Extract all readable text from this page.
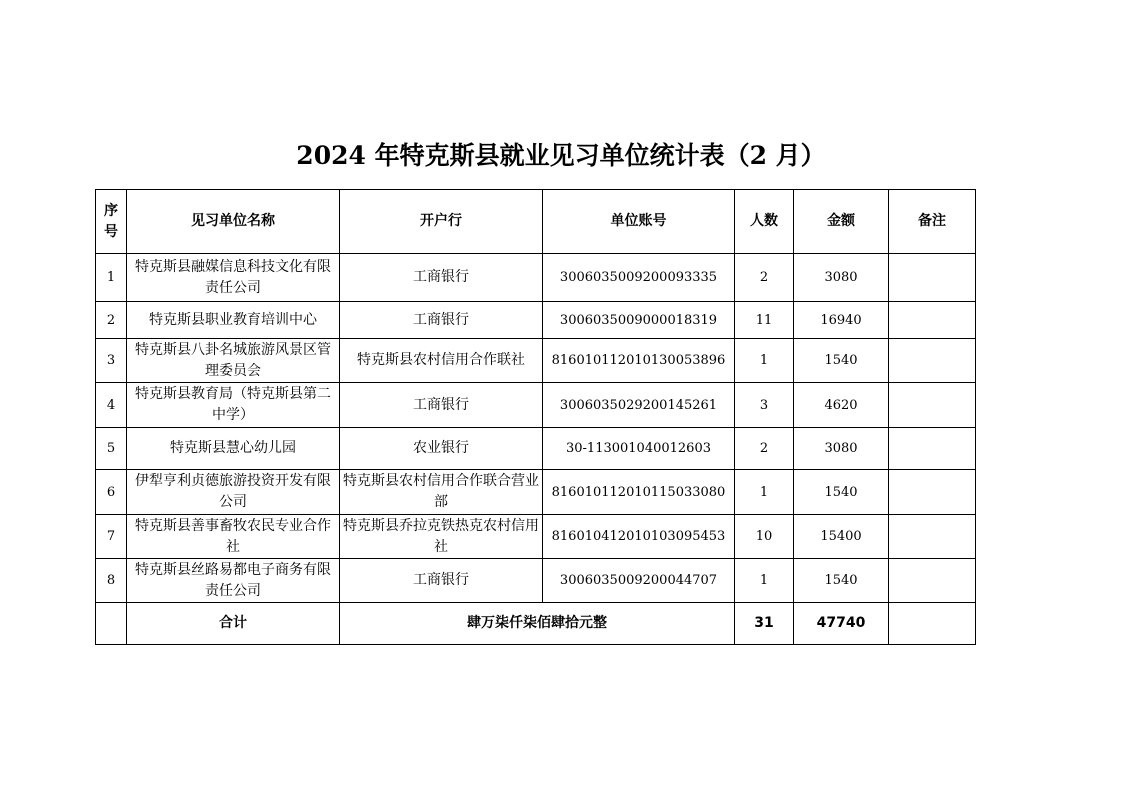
2024 年特克斯县就业见习单位统计表（2 月）
序
号	见习单位名称	开户行	单位账号	人数	金额	备注
1	特克斯县融媒信息科技文化有限责任公司	工商银行	3006035009200093335	2	3080	
2	特克斯县职业教育培训中心	工商银行	3006035009000018319	11	16940	
3	特克斯县八卦名城旅游风景区管理委员会	特克斯县农村信用合作联社	81601011201013005389​6	1	1540	
4	特克斯县教育局（特克斯县第二中学）	工商银行	3006035029200145261	3	4620	
5	特克斯县慧心幼儿园	农业银行	30-113001040012603	2	3080	
6	伊犁亨利贞德旅游投资开发有限公司	特克斯县农村信用合作联合营业部	816010112010115033080	1	1540	
7	特克斯县善事畜牧农民专业合作社	特克斯县乔拉克铁热克农村信用社	816010412010103095453	10	15400	
8	特克斯县丝路易都电子商务有限责任公司	工商银行	3006035009200044707	1	1540	
	合计	肆万柒仟柒佰肆拾元整		31	47740	
